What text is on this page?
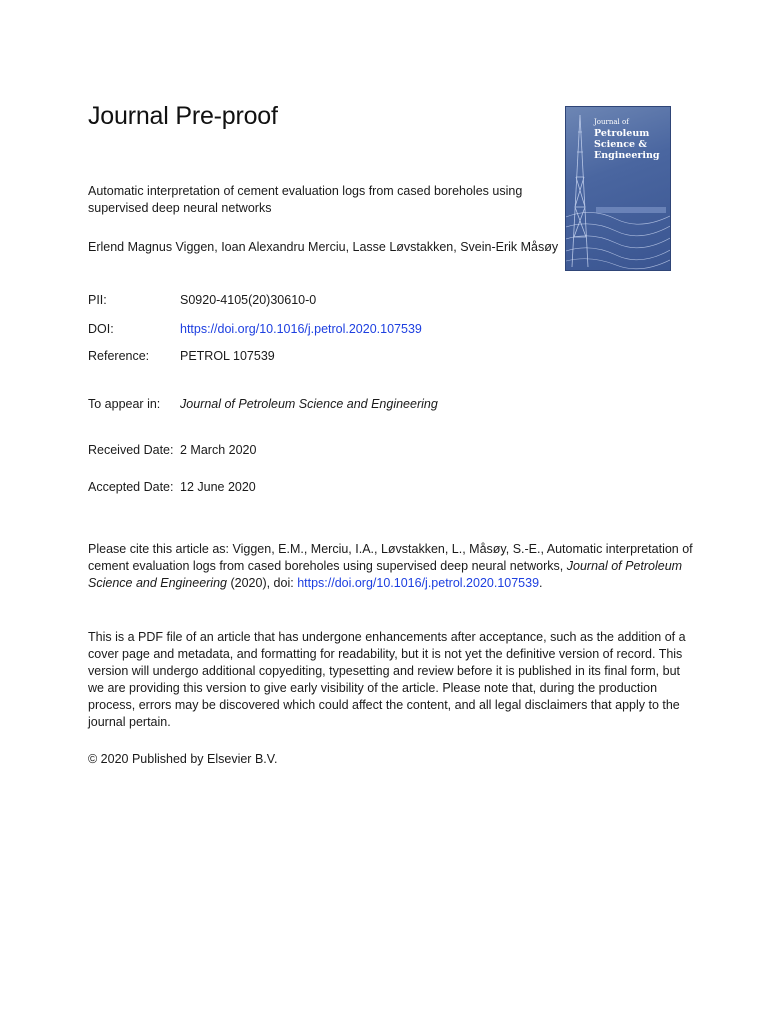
Journal Pre-proof	Journal of
Petroleum
Science &
Engineering

Automatic interpretation of cement evaluation logs from cased boreholes using supervised deep neural networks

Erlend Magnus Viggen, Ioan Alexandru Merciu, Lasse Løvstakken, Svein-Erik Måsøy
PII:	S0920-4105(20)30610-0
DOI:	https://doi.org/10.1016/j.petrol.2020.107539
Reference: PETROL 107539
To appear in: Journal of Petroleum Science and Engineering
Received Date: 2 March 2020
Accepted Date: 12 June 2020

Please cite this article as: Viggen, E.M., Merciu, I.A., Løvstakken, L., Måsøy, S.-E., Automatic interpretation of cement evaluation logs from cased boreholes using supervised deep neural networks, Journal of Petroleum Science and Engineering (2020), doi: https://doi.org/10.1016/j.petrol.2020.107539.

This is a PDF file of an article that has undergone enhancements after acceptance, such as the addition of a cover page and metadata, and formatting for readability, but it is not yet the definitive version of record. This version will undergo additional copyediting, typesetting and review before it is published in its final form, but we are providing this version to give early visibility of the article. Please note that, during the production process, errors may be discovered which could affect the content, and all legal disclaimers that apply to the journal pertain.

© 2020 Published by Elsevier B.V.
